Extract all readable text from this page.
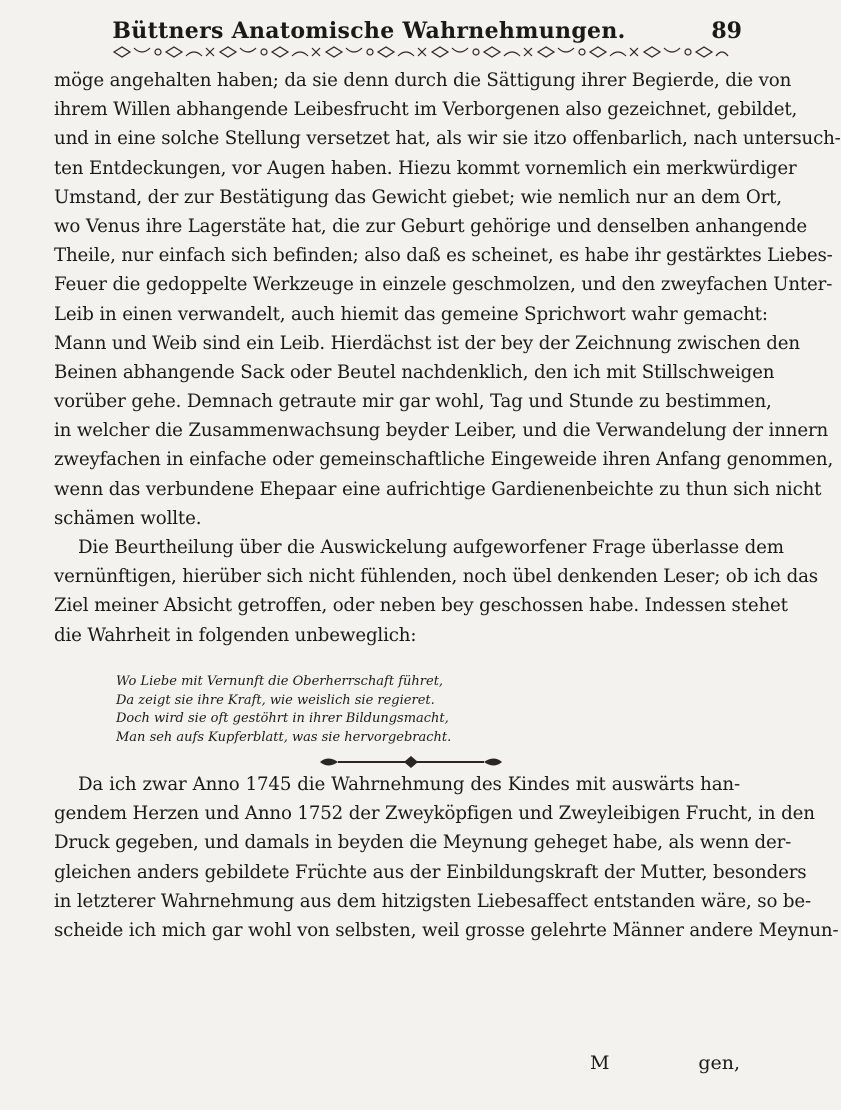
Büttners Anatomische Wahrnehmungen.	89
möge angehalten haben; da sie denn durch die Sättigung ihrer Begierde, die von
ihrem Willen abhangende Leibesfrucht im Verborgenen also gezeichnet, gebildet,
und in eine solche Stellung versetzet hat, als wir sie itzo offenbarlich, nach untersuch-
ten Entdeckungen, vor Augen haben. Hiezu kommt vornemlich ein merkwürdiger
Umstand, der zur Bestätigung das Gewicht giebet; wie nemlich nur an dem Ort,
wo Venus ihre Lagerstäte hat, die zur Geburt gehörige und denselben anhangende
Theile, nur einfach sich befinden; also daß es scheinet, es habe ihr gestärktes Liebes-
Feuer die gedoppelte Werkzeuge in einzele geschmolzen, und den zweyfachen Unter-
Leib in einen verwandelt, auch hiemit das gemeine Sprichwort wahr gemacht:
Mann und Weib sind ein Leib. Hierdächst ist der bey der Zeichnung zwischen den
Beinen abhangende Sack oder Beutel nachdenklich, den ich mit Stillschweigen
vorüber gehe. Demnach getraute mir gar wohl, Tag und Stunde zu bestimmen,
in welcher die Zusammenwachsung beyder Leiber, und die Verwandelung der innern
zweyfachen in einfache oder gemeinschaftliche Eingeweide ihren Anfang genommen,
wenn das verbundene Ehepaar eine aufrichtige Gardienenbeichte zu thun sich nicht
schämen wollte.
Die Beurtheilung über die Auswickelung aufgeworfener Frage überlasse dem
vernünftigen, hierüber sich nicht fühlenden, noch übel denkenden Leser; ob ich das
Ziel meiner Absicht getroffen, oder neben bey geschossen habe. Indessen stehet
die Wahrheit in folgenden unbeweglich:
Wo Liebe mit Vernunft die Oberherrschaft führet,
Da zeigt sie ihre Kraft, wie weislich sie regieret.
Doch wird sie oft gestöhrt in ihrer Bildungsmacht,
Man seh aufs Kupferblatt, was sie hervorgebracht.
Da ich zwar Anno 1745 die Wahrnehmung des Kindes mit auswärts han-
gendem Herzen und Anno 1752 der Zweyköpfigen und Zweyleibigen Frucht, in den
Druck gegeben, und damals in beyden die Meynung geheget habe, als wenn der-
gleichen anders gebildete Früchte aus der Einbildungskraft der Mutter, besonders
in letzterer Wahrnehmung aus dem hitzigsten Liebesaffect entstanden wäre, so be-
scheide ich mich gar wohl von selbsten, weil grosse gelehrte Männer andere Meynun-
M	gen,
